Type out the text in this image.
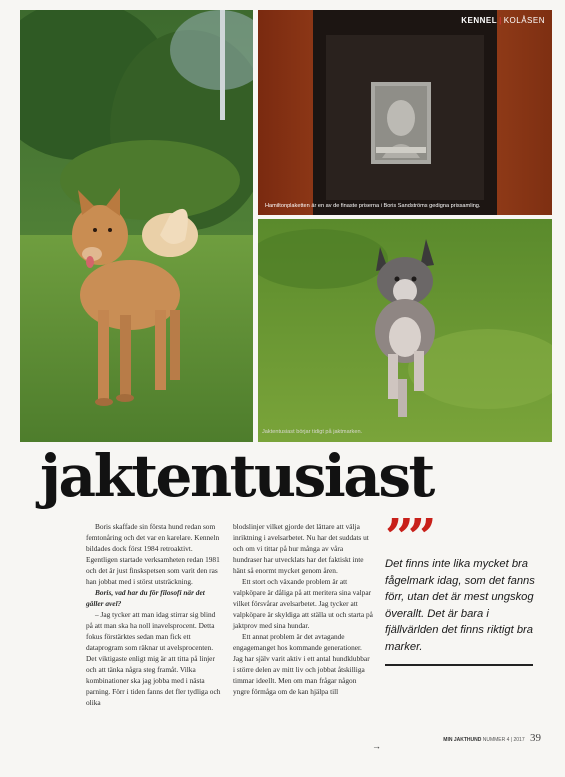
KENNEL | KOLÅSEN
Hamiltonplaketten är en av de finaste priserna i Boris Sandströms gedigna prissamling.
Jaktentusiast börjar tidigt på jaktmarken.
jaktentusiast

Boris skaffade sin första hund redan som femtonåring och det var en karelare. Kenneln bildades dock först 1984 retroaktivt. Egentligen startade verksamheten redan 1981 och det är just finskspetsen som varit den ras han jobbat med i störst utsträckning.

Boris, vad har du för filosofi när det gäller avel?

– Jag tycker att man idag stirrar sig blind på att man ska ha noll inavelsprocent. Detta fokus förstärktes sedan man fick ett dataprogram som räknar ut avelsprocenten. Det viktigaste enligt mig är att titta på linjer och att tänka några steg framåt. Vilka kombinationer ska jag jobba med i nästa parning. Förr i tiden fanns det fler tydliga och olika

blodslinjer vilket gjorde det lättare att välja inriktning i avelsarbetet. Nu har det suddats ut och om vi tittar på hur många av våra hundraser har utvecklats har det faktiskt inte hänt så enormt mycket genom åren.

Ett stort och växande problem är att valpköpare är dåliga på att meritera sina valpar vilket försvårar avelsarbetet. Jag tycker att valpköpare är skyldiga att ställa ut och starta på jaktprov med sina hundar.

Ett annat problem är det avtagande engagemanget hos kommande generationer. Jag har själv varit aktiv i ett antal hundklubbar i större delen av mitt liv och jobbat åtskilliga timmar ideellt. Men om man frågar någon yngre förmåga om de kan hjälpa till

→
””
Det finns inte lika mycket bra fågelmark idag, som det fanns förr, utan det är mest ungskog överallt. Det är bara i fjällvärlden det finns riktigt bra marker.
MIN JAKTHUND NUMMER 4 | 2017 39
